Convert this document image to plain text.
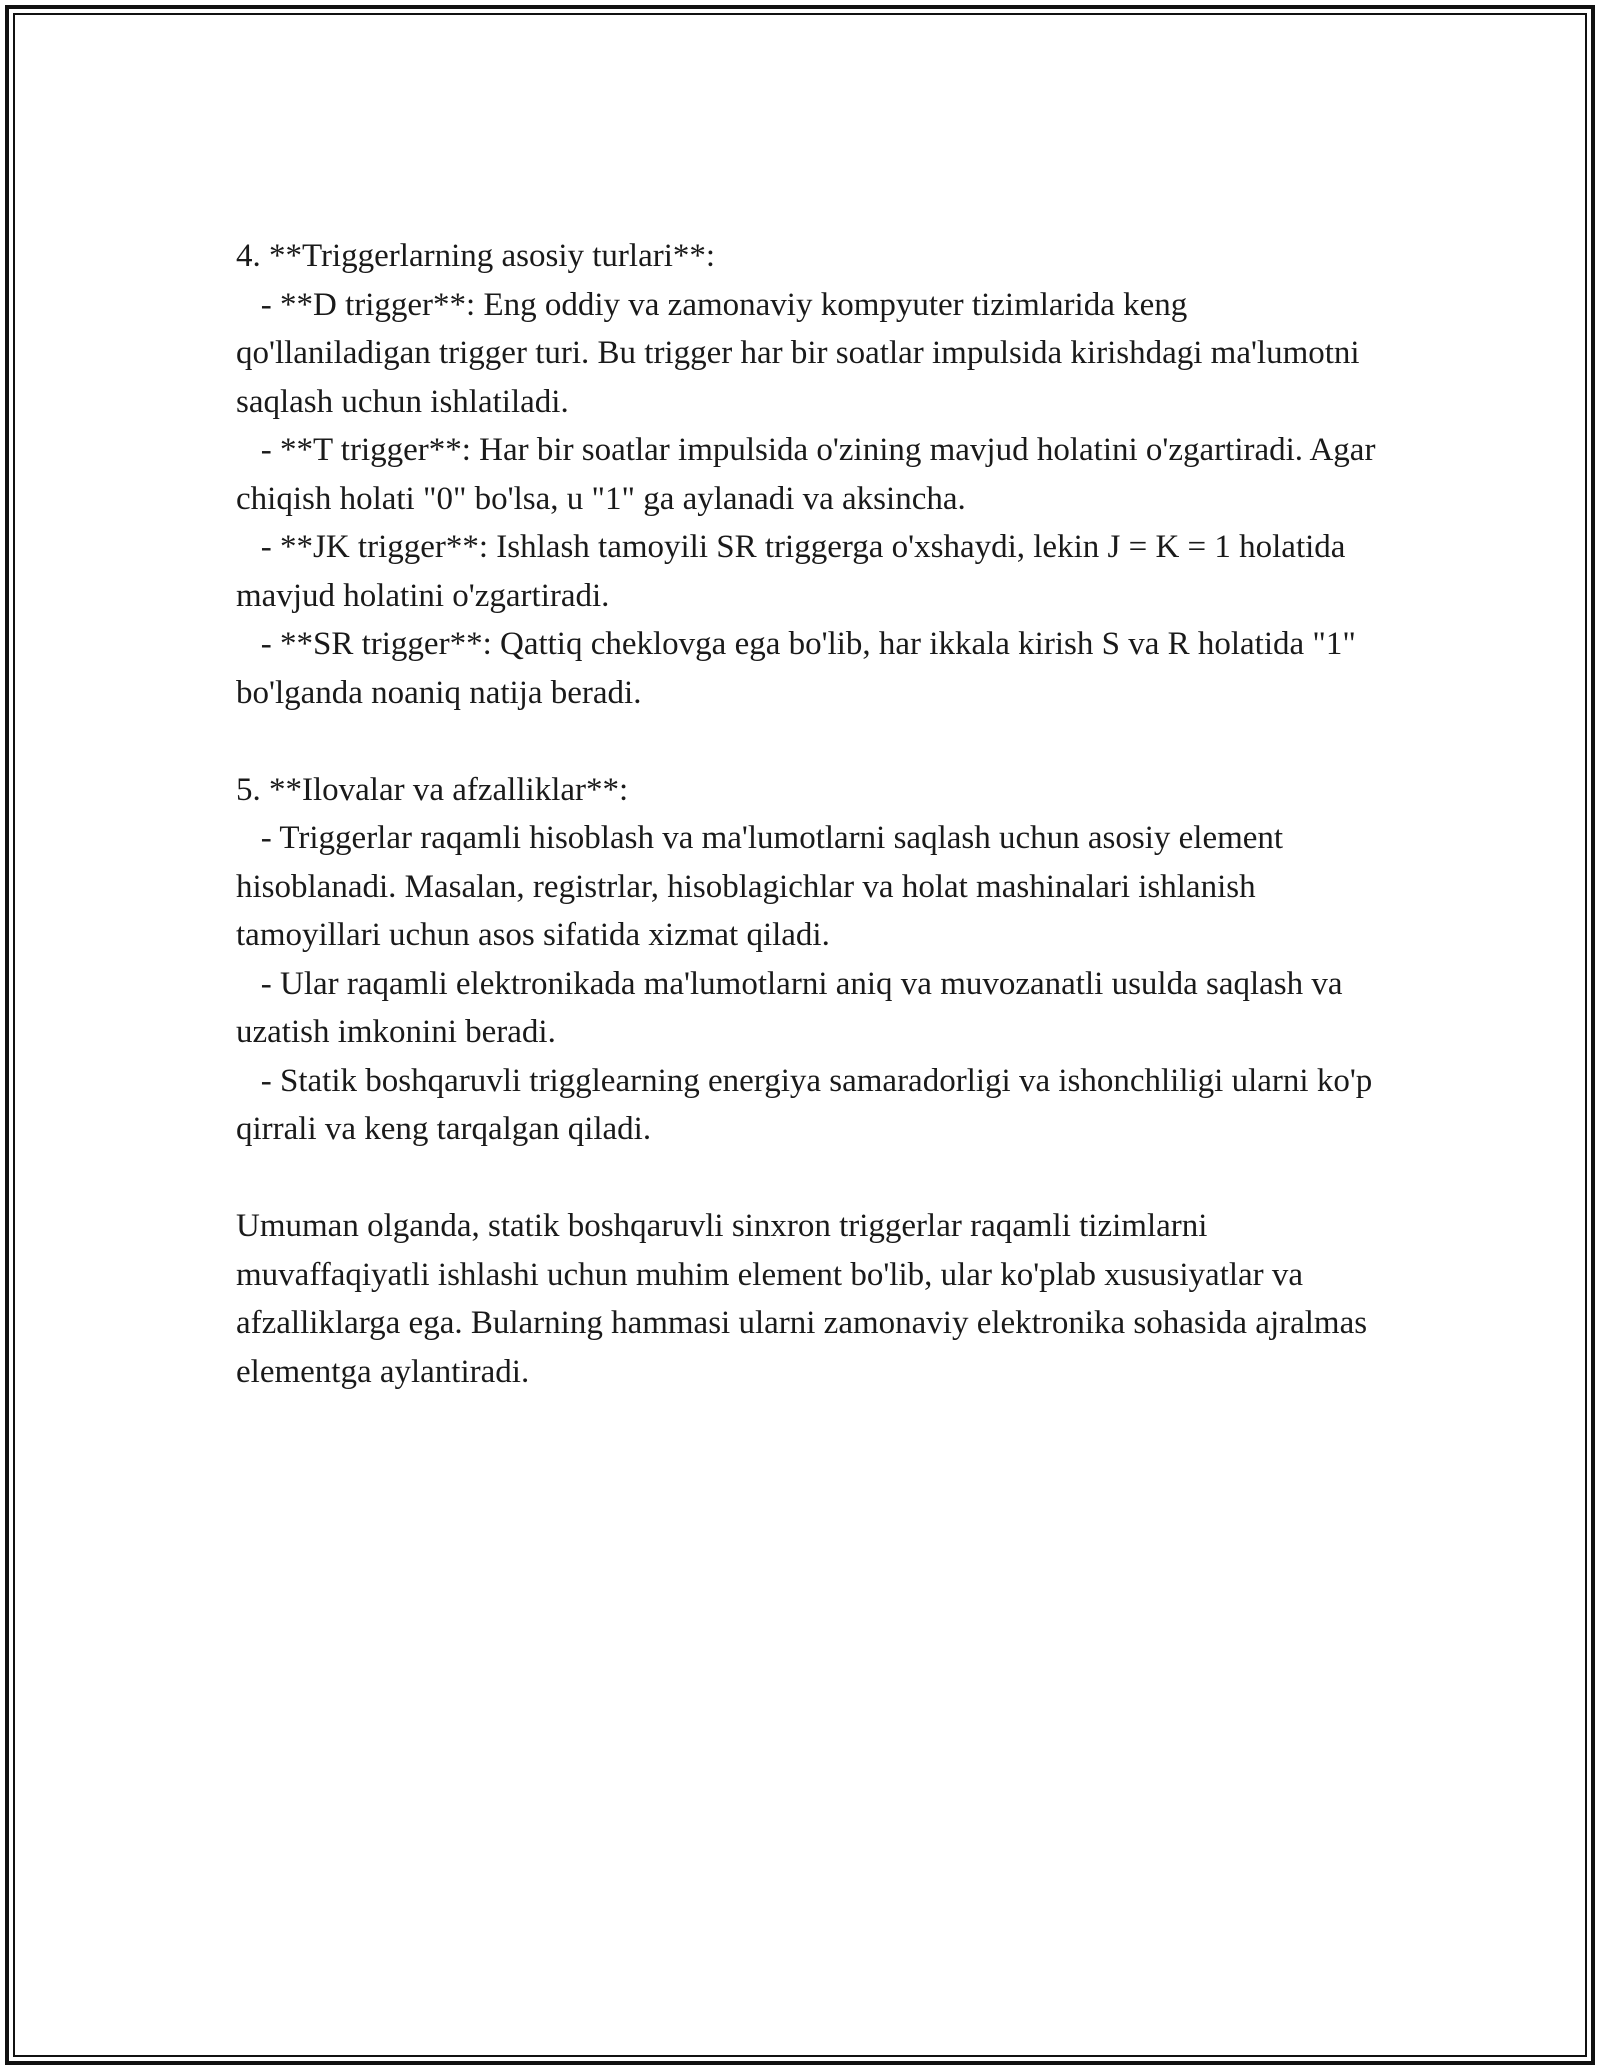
4. **Triggerlarning asosiy turlari**:

- **D trigger**: Eng oddiy va zamonaviy kompyuter tizimlarida keng qo'llaniladigan trigger turi. Bu trigger har bir soatlar impulsida kirishdagi ma'lumotni saqlash uchun ishlatiladi.

- **T trigger**: Har bir soatlar impulsida o'zining mavjud holatini o'zgartiradi. Agar chiqish holati "0" bo'lsa, u "1" ga aylanadi va aksincha.

- **JK trigger**: Ishlash tamoyili SR triggerga o'xshaydi, lekin J = K = 1 holatida mavjud holatini o'zgartiradi.

- **SR trigger**: Qattiq cheklovga ega bo'lib, har ikkala kirish S va R holatida "1" bo'lganda noaniq natija beradi.

5. **Ilovalar va afzalliklar**:

- Triggerlar raqamli hisoblash va ma'lumotlarni saqlash uchun asosiy element hisoblanadi. Masalan, registrlar, hisoblagichlar va holat mashinalari ishlanish tamoyillari uchun asos sifatida xizmat qiladi.

- Ular raqamli elektronikada ma'lumotlarni aniq va muvozanatli usulda saqlash va uzatish imkonini beradi.

- Statik boshqaruvli trigglearning energiya samaradorligi va ishonchliligi ularni ko'p qirrali va keng tarqalgan qiladi.

Umuman olganda, statik boshqaruvli sinxron triggerlar raqamli tizimlarni muvaffaqiyatli ishlashi uchun muhim element bo'lib, ular ko'plab xususiyatlar va afzalliklarga ega. Bularning hammasi ularni zamonaviy elektronika sohasida ajralmas elementga aylantiradi.
